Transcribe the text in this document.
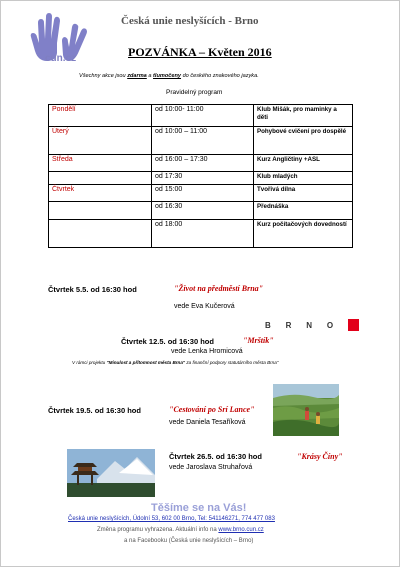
cun.cz
Česká unie neslyšících - Brno
POZVÁNKA – Květen 2016
Všechny akce jsou zdarma a tlumočeny do českého znakového jazyka.
Pravidelný program
Pondělí	od 10:00- 11:00	Klub Mišák, pro maminky a děti
Úterý	od 10:00 – 11:00	Pohybové cvičení pro dospělé
Středa	od 16:00 – 17:30	Kurz Angličtiny +ASL
	od 17:30	Klub mladých
Čtvrtek	od 15:00	Tvořivá dílna
	od 16:30	Přednáška
	od 18:00	Kurz počítačových dovedností
Čtvrtek 5.5. od 16:30 hod	"Život na předměstí Brna"
vede Eva Kučerová
B R N O
Čtvrtek 12.5. od 16:30 hod	"Mrštík"
vede Lenka Hromicová
V rámci projektu "Minulost a přítomnost města Brna" za finanční podpory statutárního města Brna"
Čtvrtek 19.5. od 16:30 hod	"Cestování po Srí Lance"
vede Daniela Tesaříková
Čtvrtek 26.5. od 16:30 hod	"Krásy Číny"
vede Jaroslava Struhařová
Těšíme se na Vás!
Česká unie neslyšících, Údolní 53, 602 00 Brno, Tel: 541146271, 774 477 083
Změna programu vyhrazena. Aktuální info na www.brno.cun.cz
a na Facebooku (Česká unie neslyšících – Brno)
